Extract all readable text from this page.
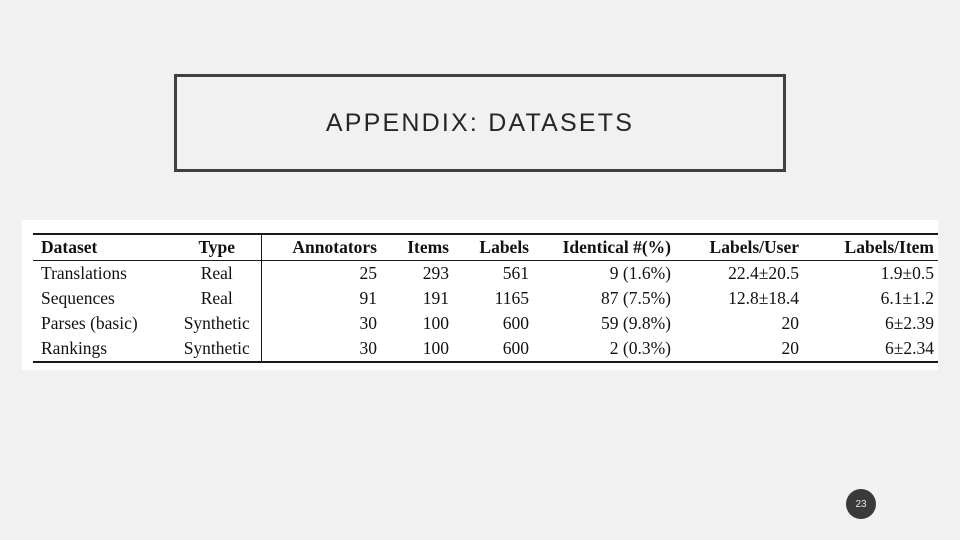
APPENDIX: DATASETS
Dataset	Type	Annotators	Items	Labels	Identical #(%)	Labels/User	Labels/Item
Translations	Real	25	293	561	9 (1.6%)	22.4±20.5	1.9±0.5
Sequences	Real	91	191	1165	87 (7.5%)	12.8±18.4	6.1±1.2
Parses (basic)	Synthetic	30	100	600	59 (9.8%)	20	6±2.39
Rankings	Synthetic	30	100	600	2 (0.3%)	20	6±2.34
23
